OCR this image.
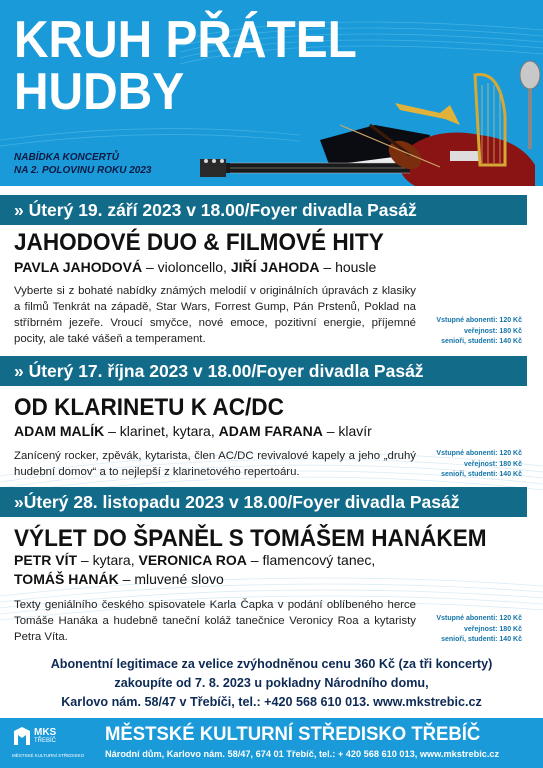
KRUH PŘÁTEL
HUDBY
NABÍDKA KONCERTŮ
NA 2. POLOVINU ROKU 2023
» Úterý 19. září 2023 v 18.00/Foyer divadla Pasáž
JAHODOVÉ DUO & FILMOVÉ HITY
PAVLA JAHODOVÁ – violoncello, JIŘÍ JAHODA – housle
Vyberte si z bohaté nabídky známých melodií v originálních úpravách z klasiky a filmů Tenkrát na západě, Star Wars, Forrest Gump, Pán Prstenů, Poklad na stříbrném jezeře. Vroucí smyčce, nové emoce, pozitivní energie, příjemné pocity, ale také vášeň a temperament.
Vstupné abonenti: 120 Kč
veřejnost: 180 Kč
senioři, studenti: 140 Kč
» Úterý 17. října 2023 v 18.00/Foyer divadla Pasáž
OD KLARINETU K AC/DC
ADAM MALÍK – klarinet, kytara, ADAM FARANA – klavír
Zanícený rocker, zpěvák, kytarista, člen AC/DC revivalové kapely a jeho „druhý hudební domov“ a to nejlepší z klarinetového repertoáru.
Vstupné abonenti: 120 Kč
veřejnost: 180 Kč
senioři, studenti: 140 Kč
»Úterý 28. listopadu 2023 v 18.00/Foyer divadla Pasáž
VÝLET DO ŠPANĚL S TOMÁŠEM HANÁKEM
PETR VÍT – kytara, VERONICA ROA – flamencový tanec,
TOMÁŠ HANÁK – mluvené slovo
Texty geniálního českého spisovatele Karla Čapka v podání oblíbeného herce Tomáše Hanáka a hudebně taneční koláž tanečnice Veronicy Roa a kytaristy Petra Víta.
Vstupné abonenti: 120 Kč
veřejnost: 180 Kč
senioři, studenti: 140 Kč
Abonentní legitimace za velice zvýhodněnou cenu 360 Kč (za tři koncerty)
zakoupíte od 7. 8. 2023 u pokladny Národního domu,
Karlovo nám. 58/47 v Třebíči, tel.: +420 568 610 013. www.mkstrebic.cz
MKS
TŘEBÍČ
MĚSTSKÉ KULTURNÍ STŘEDISKO
MĚSTSKÉ KULTURNÍ STŘEDISKO TŘEBÍČ
Národní dům, Karlovo nám. 58/47, 674 01 Třebíč, tel.: + 420 568 610 013, www.mkstrebic.cz
